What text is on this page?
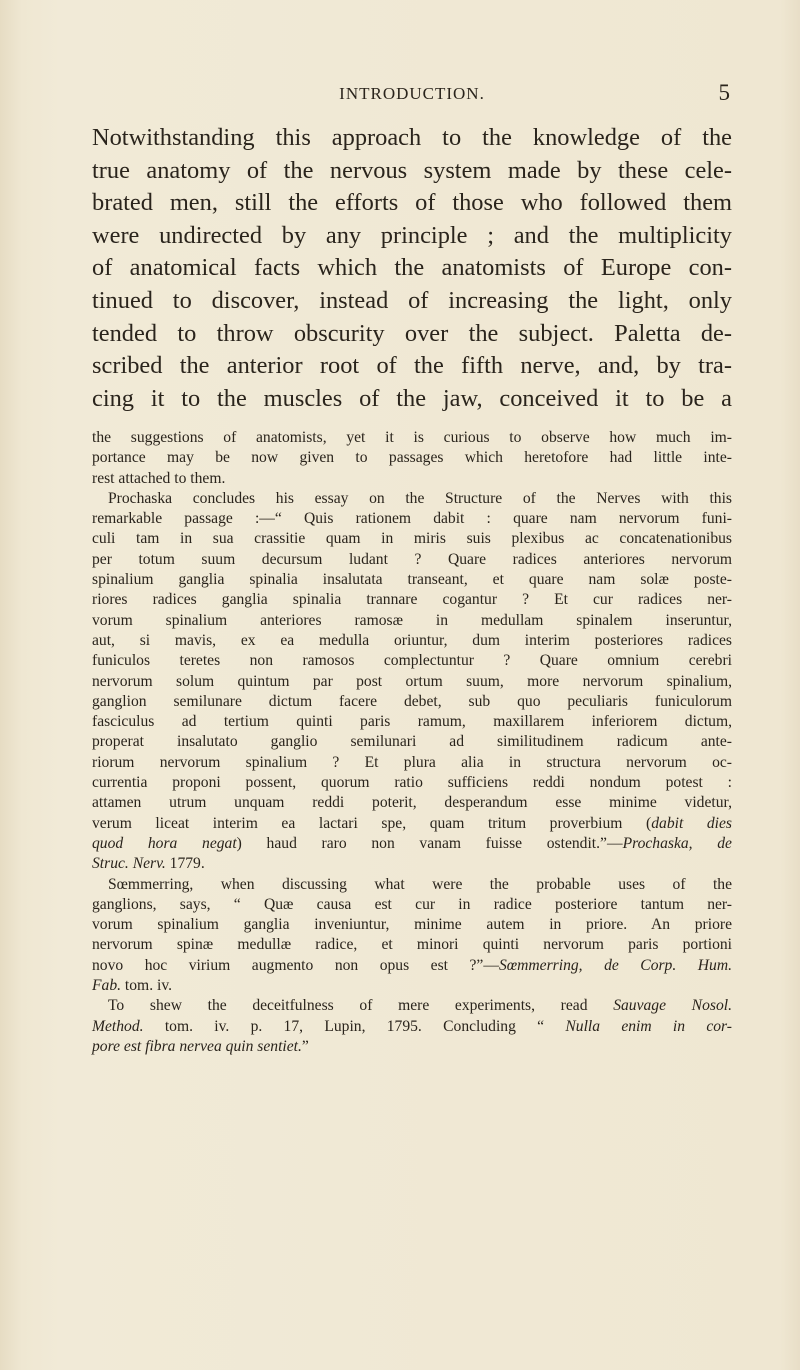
INTRODUCTION.	5
Notwithstanding this approach to the knowledge of the
true anatomy of the nervous system made by these cele-
brated men, still the efforts of those who followed them
were undirected by any principle ; and the multiplicity
of anatomical facts which the anatomists of Europe con-
tinued to discover, instead of increasing the light, only
tended to throw obscurity over the subject. Paletta de-
scribed the anterior root of the fifth nerve, and, by tra-
cing it to the muscles of the jaw, conceived it to be a
the suggestions of anatomists, yet it is curious to observe how much im-
portance may be now given to passages which heretofore had little inte-
rest attached to them.
Prochaska concludes his essay on the Structure of the Nerves with this
remarkable passage :—“ Quis rationem dabit : quare nam nervorum funi-
culi tam in sua crassitie quam in miris suis plexibus ac concatenationibus
per totum suum decursum ludant ? Quare radices anteriores nervorum
spinalium ganglia spinalia insalutata transeant, et quare nam solæ poste-
riores radices ganglia spinalia trannare cogantur ? Et cur radices ner-
vorum spinalium anteriores ramosæ in medullam spinalem inseruntur,
aut, si mavis, ex ea medulla oriuntur, dum interim posteriores radices
funiculos teretes non ramosos complectuntur ? Quare omnium cerebri
nervorum solum quintum par post ortum suum, more nervorum spinalium,
ganglion semilunare dictum facere debet, sub quo peculiaris funiculorum
fasciculus ad tertium quinti paris ramum, maxillarem inferiorem dictum,
properat insalutato ganglio semilunari ad similitudinem radicum ante-
riorum nervorum spinalium ? Et plura alia in structura nervorum oc-
currentia proponi possent, quorum ratio sufficiens reddi nondum potest :
attamen utrum unquam reddi poterit, desperandum esse minime videtur,
verum liceat interim ea lactari spe, quam tritum proverbium (dabit dies
quod hora negat) haud raro non vanam fuisse ostendit.”—Prochaska, de
Struc. Nerv. 1779.
Sœmmerring, when discussing what were the probable uses of the
ganglions, says, “ Quæ causa est cur in radice posteriore tantum ner-
vorum spinalium ganglia inveniuntur, minime autem in priore. An priore
nervorum spinæ medullæ radice, et minori quinti nervorum paris portioni
novo hoc virium augmento non opus est ?”—Sœmmerring, de Corp. Hum.
Fab. tom. iv.
To shew the deceitfulness of mere experiments, read Sauvage Nosol.
Method. tom. iv. p. 17, Lupin, 1795. Concluding “ Nulla enim in cor-
pore est fibra nervea quin sentiet.”
